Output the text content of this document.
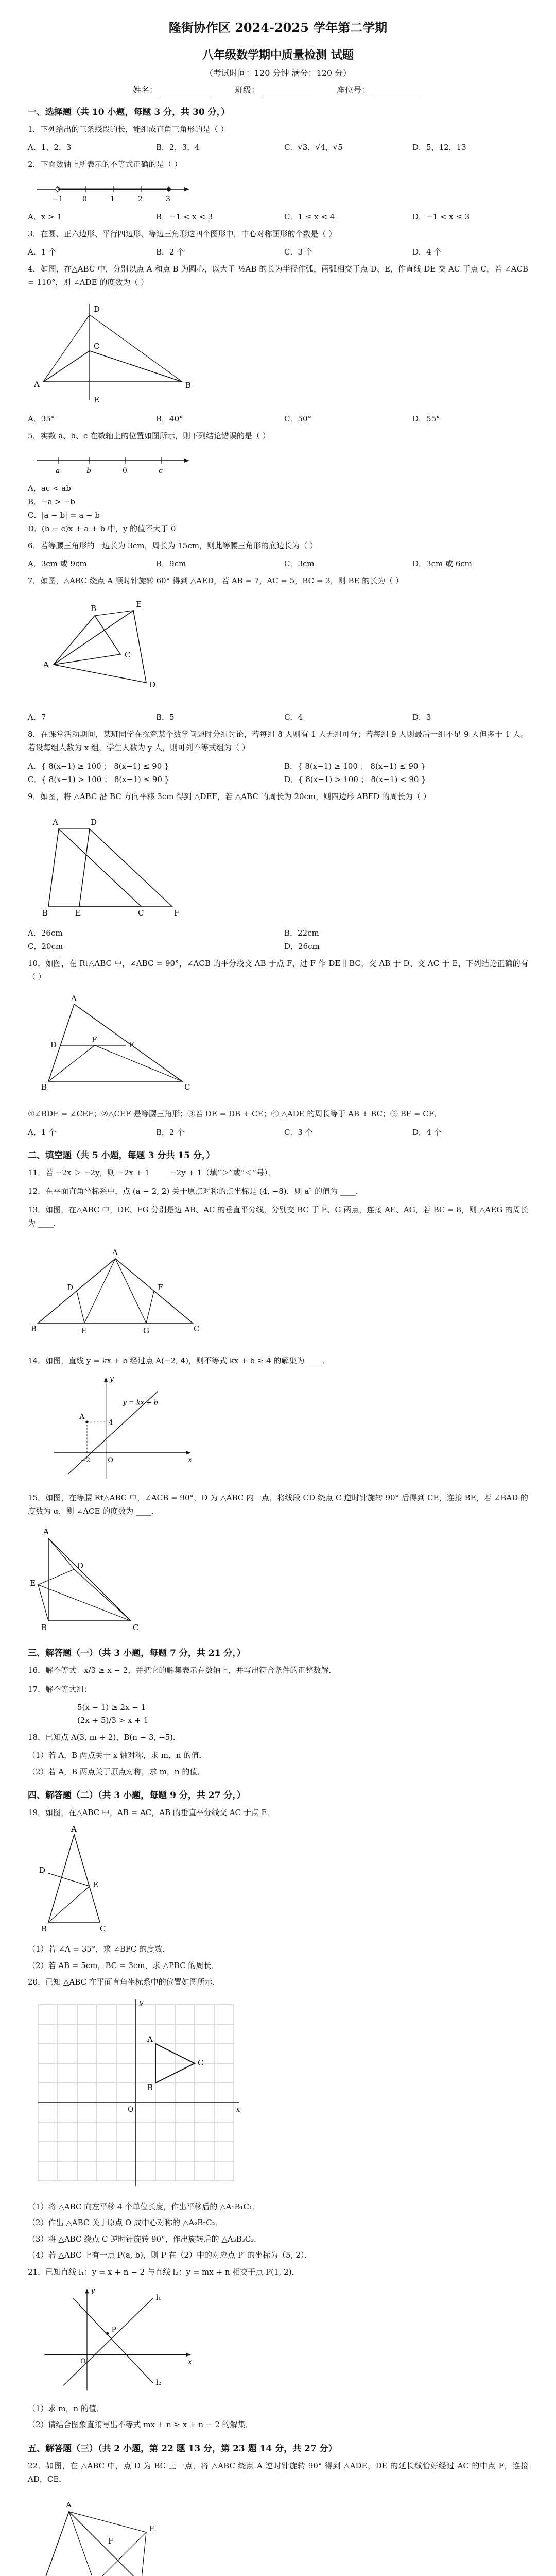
隆街协作区 2024-2025 学年第二学期
八年级数学期中质量检测 试题
（考试时间：120 分钟 满分：120 分）
姓名：	班级：	座位号：
一、选择题（共 10 小题，每题 3 分，共 30 分，）
1．下列给出的三条线段的长，能组成直角三角形的是（ ）
A．1，2，3	B．2，3，4	C．√3，√4，√5	D．5，12，13
2．下面数轴上所表示的不等式正确的是（ ）
−1	0	1	2	3
A．x > 1	B．−1 < x < 3	C．1 ≤ x < 4	D．−1 < x ≤ 3
3．在圆、正六边形、平行四边形、等边三角形这四个图形中，中心对称图形的个数是（ ）
A．1 个	B．2 个	C．3 个	D．4 个
4．如图，在△ABC 中，分别以点 A 和点 B 为圆心，以大于 ½AB 的长为半径作弧，两弧相交于点 D、E，作直线 DE 交 AC 于点 C，若 ∠ACB = 110°，则 ∠ADE 的度数为（ ）
A	B
C
D
E
A．35°	B．40°	C．50°	D．55°
5．实数 a、b、c 在数轴上的位置如图所示，则下列结论错误的是（ ）
a	b	0	c
A．ac < ab
B．−a > −b
C．|a − b| = a − b
D．(b − c)x + a + b 中，y 的值不大于 0
6．若等腰三角形的一边长为 3cm，周长为 15cm，则此等腰三角形的底边长为（ ）
A．3cm 或 9cm	B．9cm	C．3cm	D．3cm 或 6cm
7．如图，△ABC 绕点 A 顺时针旋转 60° 得到 △AED，若 AB = 7，AC = 5，BC = 3，则 BE 的长为（ ）
A
B
C
D
E
A．7	B．5	C．4	D．3
8．在课堂活动期间，某班同学在探究某个数学问题时分组讨论，若每组 8 人则有 1 人无组可分；若每组 9 人则最后一组不足 9 人但多于 1 人。若设每组人数为 x 组，学生人数为 y 人，则可列不等式组为（ ）
A．{ 8(x−1) ≥ 100 ； 8(x−1) ≤ 90 }	B．{ 8(x−1) ≥ 100 ； 8(x−1) ≤ 90 }
C．{ 8(x−1) > 100 ； 8(x−1) ≤ 90 }	D．{ 8(x−1) > 100 ； 8(x−1) < 90 }
9．如图，将 △ABC 沿 BC 方向平移 3cm 得到 △DEF，若 △ABC 的周长为 20cm，则四边形 ABFD 的周长为（ ）
A	D
B	E	C	F
A．26cm	B．22cm
C．20cm	D．26cm
10．如图，在 Rt△ABC 中，∠ABC = 90°，∠ACB 的平分线交 AB 于点 F，过 F 作 DE ∥ BC，交 AB 于 D、交 AC 于 E，下列结论正确的有（ ）
A
D
F
E
B	C
①∠BDE = ∠CEF；②△CEF 是等腰三角形；③若 DE = DB + CE；④ △ADE 的周长等于 AB + BC；⑤ BF = CF．
A．1 个	B．2 个	C．3 个	D．4 个
二、填空题（共 5 小题，每题 3 分共 15 分，）
11．若 −2x ＞ −2y，则 −2x + 1 ____ −2y + 1（填“＞”或“＜”号）．
12．在平面直角坐标系中，点 (a − 2, 2) 关于原点对称的点坐标是 (4, −8)，则 a² 的值为 ____．
13．如图，在△ABC 中，DE、FG 分别是边 AB、AC 的垂直平分线，分别交 BC 于 E、G 两点，连接 AE、AG，若 BC = 8，则 △AEG 的周长为 ____．
A
D	F
B	E	G	C
14．如图，直线 y = kx + b 经过点 A(−2, 4)，则不等式 kx + b ≥ 4 的解集为 ____．
y
x
O
A
y = kx + b
4
−2
15．如图，在等腰 Rt△ABC 中，∠ACB = 90°，D 为 △ABC 内一点，将线段 CD 绕点 C 逆时针旋转 90° 后得到 CE，连接 BE，若 ∠BAD 的度数为 α，则 ∠ACE 的度数为 ____．
A
E
D
B	C
三、解答题（一）（共 3 小题，每题 7 分，共 21 分，）
16．解不等式：x/3 ≥ x − 2，并把它的解集表示在数轴上，并写出符合条件的正整数解．
17．解不等式组：
5(x − 1) ≥ 2x − 1
(2x + 5)/3 > x + 1
18．已知点 A(3, m + 2)，B(n − 3, −5)．
（1）若 A，B 两点关于 x 轴对称，求 m，n 的值．
（2）若 A，B 两点关于原点对称，求 m，n 的值．
四、解答题（二）（共 3 小题，每题 9 分，共 27 分，）
19．如图，在△ABC 中，AB = AC，AB 的垂直平分线交 AC 于点 E．
A
D
E
B	C
（1）若 ∠A = 35°，求 ∠BPC 的度数．
（2）若 AB = 5cm，BC = 3cm，求 △PBC 的周长．
20．已知 △ABC 在平面直角坐标系中的位置如图所示．
A
B
C
O	x
y
（1）将 △ABC 向左平移 4 个单位长度，作出平移后的 △A₁B₁C₁．
（2）作出 △ABC 关于原点 O 成中心对称的 △A₂B₂C₂．
（3）将 △ABC 绕点 C 逆时针旋转 90°，作出旋转后的 △A₃B₃C₃．
（4）若 △ABC 上有一点 P(a, b)，则 P 在（2）中的对应点 P′ 的坐标为（5, 2）．
21．已知直线 l₁：y = x + n − 2 与直线 l₂：y = mx + n 相交于点 P(1, 2)．
x
y
O
P
l₁
l₂
（1）求 m，n 的值．
（2）请结合图象直接写出不等式 mx + n ≥ x + n − 2 的解集．
五、解答题（三）（共 2 小题，第 22 题 13 分，第 23 题 14 分，共 27 分）
22．如图，在 △ABC 中，点 D 为 BC 上一点，将 △ABC 绕点 A 逆时针旋转 90° 得到 △ADE，DE 的延长线恰好经过 AC 的中点 F，连接 AD，CE．
A
E
F
